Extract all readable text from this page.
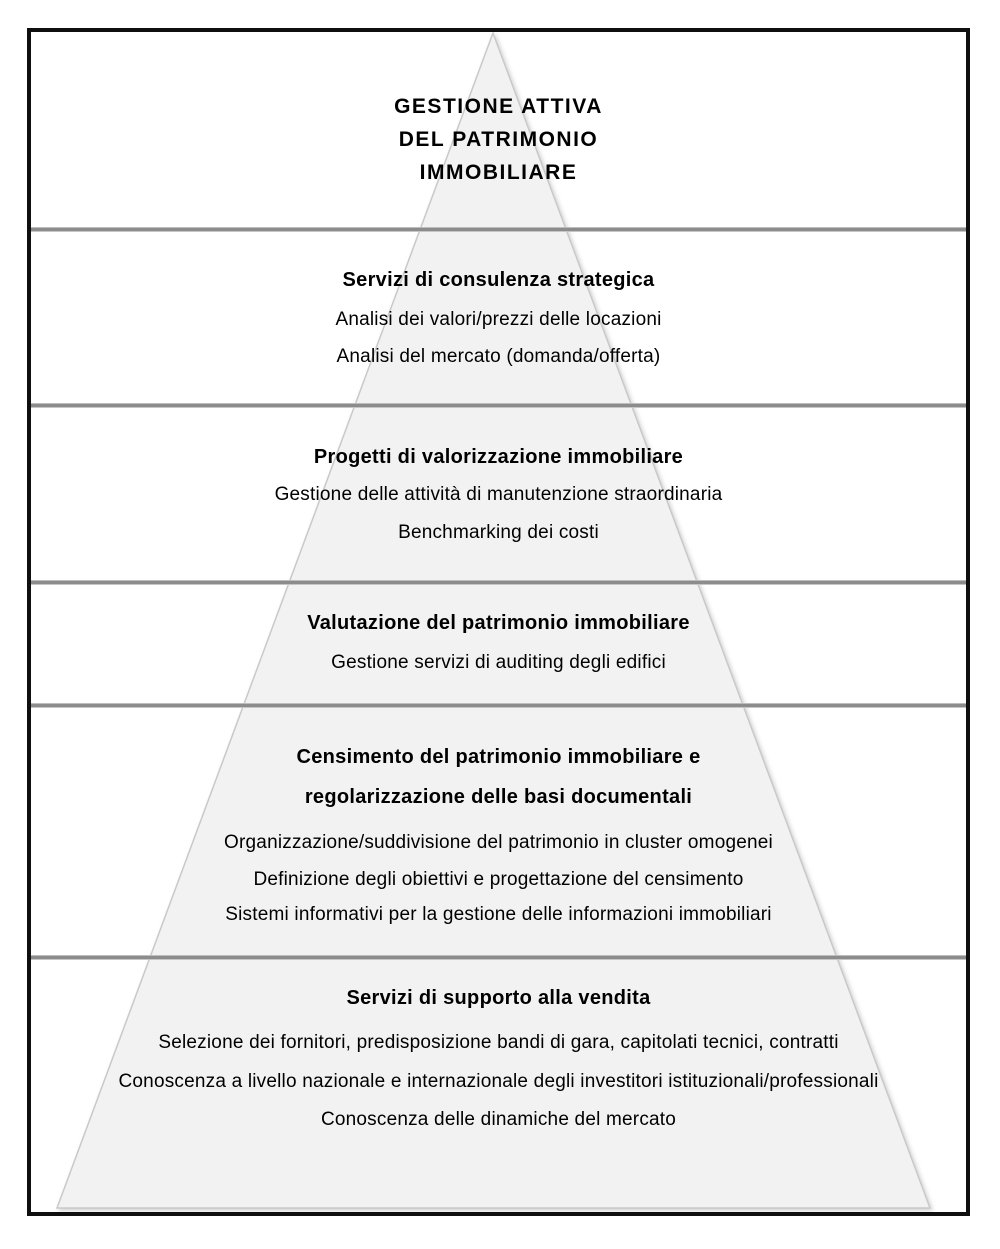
GESTIONE ATTIVA
DEL PATRIMONIO
IMMOBILIARE
Servizi di consulenza strategica
Analisi dei valori/prezzi delle locazioni
Analisi del mercato (domanda/offerta)
Progetti di valorizzazione immobiliare
Gestione delle attività di manutenzione straordinaria
Benchmarking dei costi
Valutazione del patrimonio immobiliare
Gestione servizi di auditing degli edifici
Censimento del patrimonio immobiliare e
regolarizzazione delle basi documentali
Organizzazione/suddivisione del patrimonio in cluster omogenei
Definizione degli obiettivi e progettazione del censimento
Sistemi informativi per la gestione delle informazioni immobiliari
Servizi di supporto alla vendita
Selezione dei fornitori, predisposizione bandi di gara, capitolati tecnici, contratti
Conoscenza a livello nazionale e internazionale degli investitori istituzionali/professionali
Conoscenza delle dinamiche del mercato
